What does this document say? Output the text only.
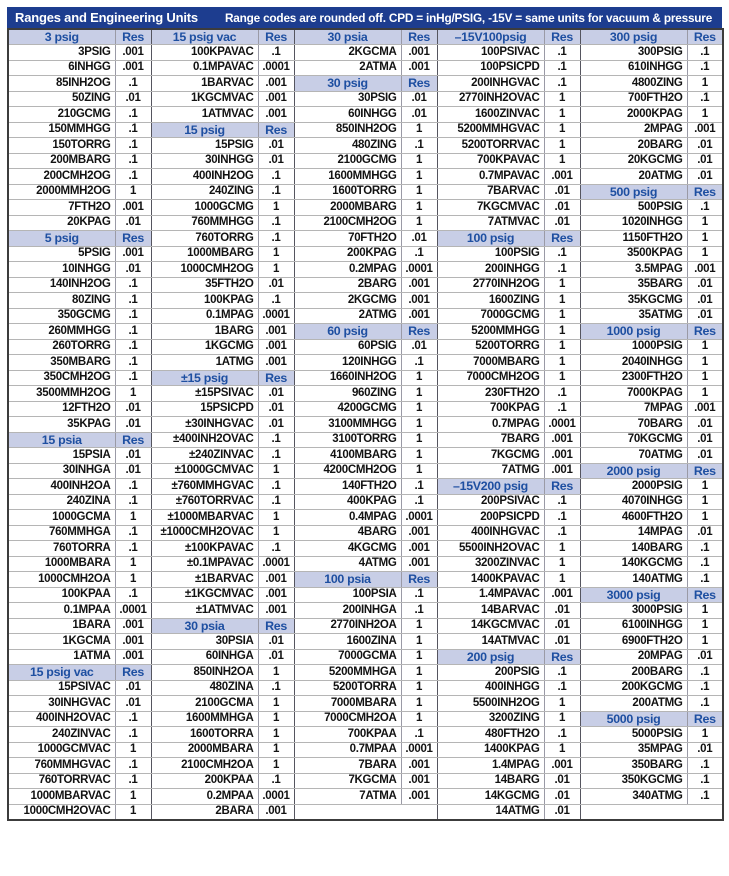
Ranges and Engineering Units Range codes are rounded off. CPD = inHg/PSIG, -15V = same units for vacuum & pressure
3 psig	Res	15 psig vac	Res	30 psia	Res	–15V100psig	Res	300 psig	Res
3PSIG	.001	100KPAVAC	.1	2KGCMA	.001	100PSIVAC	.1	300PSIG	.1
6INHGG	.001	0.1MPAVAC	.0001	2ATMA	.001	100PSICPD	.1	610INHGG	.1
85INH2OG	.1	1BARVAC	.001	30 psig	Res	200INHGVAC	.1	4800ZING	1
50ZING	.01	1KGCMVAC	.001	30PSIG	.01	2770INH2OVAC	1	700FTH2O	.1
210GCMG	.1	1ATMVAC	.001	60INHGG	.01	1600ZINVAC	1	2000KPAG	1
150MMHGG	.1	15 psig	Res	850INH2OG	1	5200MMHGVAC	1	2MPAG	.001
150TORRG	.1	15PSIG	.01	480ZING	.1	5200TORRVAC	1	20BARG	.01
200MBARG	.1	30INHGG	.01	2100GCMG	1	700KPAVAC	1	20KGCMG	.01
200CMH2OG	.1	400INH2OG	.1	1600MMHGG	1	0.7MPAVAC	.001	20ATMG	.01
2000MMH2OG	1	240ZING	.1	1600TORRG	1	7BARVAC	.01	500 psig	Res
7FTH2O	.001	1000GCMG	1	2000MBARG	1	7KGCMVAC	.01	500PSIG	.1
20KPAG	.01	760MMHGG	.1	2100CMH2OG	1	7ATMVAC	.01	1020INHGG	1
5 psig	Res	760TORRG	.1	70FTH2O	.01	100 psig	Res	1150FTH2O	1
5PSIG	.001	1000MBARG	1	200KPAG	.1	100PSIG	.1	3500KPAG	1
10INHGG	.01	1000CMH2OG	1	0.2MPAG	.0001	200INHGG	.1	3.5MPAG	.001
140INH2OG	.1	35FTH2O	.01	2BARG	.001	2770INH2OG	1	35BARG	.01
80ZING	.1	100KPAG	.1	2KGCMG	.001	1600ZING	1	35KGCMG	.01
350GCMG	.1	0.1MPAG	.0001	2ATMG	.001	7000GCMG	1	35ATMG	.01
260MMHGG	.1	1BARG	.001	60 psig	Res	5200MMHGG	1	1000 psig	Res
260TORRG	.1	1KGCMG	.001	60PSIG	.01	5200TORRG	1	1000PSIG	1
350MBARG	.1	1ATMG	.001	120INHGG	.1	7000MBARG	1	2040INHGG	1
350CMH2OG	.1	±15 psig	Res	1660INH2OG	1	7000CMH2OG	1	2300FTH2O	1
3500MMH2OG	1	±15PSIVAC	.01	960ZING	1	230FTH2O	.1	7000KPAG	1
12FTH2O	.01	15PSICPD	.01	4200GCMG	1	700KPAG	.1	7MPAG	.001
35KPAG	.01	±30INHGVAC	.01	3100MMHGG	1	0.7MPAG	.0001	70BARG	.01
15 psia	Res	±400INH2OVAC	.1	3100TORRG	1	7BARG	.001	70KGCMG	.01
15PSIA	.01	±240ZINVAC	.1	4100MBARG	1	7KGCMG	.001	70ATMG	.01
30INHGA	.01	±1000GCMVAC	1	4200CMH2OG	1	7ATMG	.001	2000 psig	Res
400INH2OA	.1	±760MMHGVAC	.1	140FTH2O	.1	–15V200 psig	Res	2000PSIG	1
240ZINA	.1	±760TORRVAC	.1	400KPAG	.1	200PSIVAC	.1	4070INHGG	1
1000GCMA	1	±1000MBARVAC	1	0.4MPAG	.0001	200PSICPD	.1	4600FTH2O	1
760MMHGA	.1	±1000CMH2OVAC	1	4BARG	.001	400INHGVAC	.1	14MPAG	.01
760TORRA	.1	±100KPAVAC	.1	4KGCMG	.001	5500INH2OVAC	1	140BARG	.1
1000MBARA	1	±0.1MPAVAC	.0001	4ATMG	.001	3200ZINVAC	1	140KGCMG	.1
1000CMH2OA	1	±1BARVAC	.001	100 psia	Res	1400KPAVAC	1	140ATMG	.1
100KPAA	.1	±1KGCMVAC	.001	100PSIA	.1	1.4MPAVAC	.001	3000 psig	Res
0.1MPAA	.0001	±1ATMVAC	.001	200INHGA	.1	14BARVAC	.01	3000PSIG	1
1BARA	.001	30 psia	Res	2770INH2OA	1	14KGCMVAC	.01	6100INHGG	1
1KGCMA	.001	30PSIA	.01	1600ZINA	1	14ATMVAC	.01	6900FTH2O	1
1ATMA	.001	60INHGA	.01	7000GCMA	1	200 psig	Res	20MPAG	.01
15 psig vac	Res	850INH2OA	1	5200MMHGA	1	200PSIG	.1	200BARG	.1
15PSIVAC	.01	480ZINA	.1	5200TORRA	1	400INHGG	.1	200KGCMG	.1
30INHGVAC	.01	2100GCMA	1	7000MBARA	1	5500INH2OG	1	200ATMG	.1
400INH2OVAC	.1	1600MMHGA	1	7000CMH2OA	1	3200ZING	1	5000 psig	Res
240ZINVAC	.1	1600TORRA	1	700KPAA	.1	480FTH2O	.1	5000PSIG	1
1000GCMVAC	1	2000MBARA	1	0.7MPAA	.0001	1400KPAG	1	35MPAG	.01
760MMHGVAC	.1	2100CMH2OA	1	7BARA	.001	1.4MPAG	.001	350BARG	.1
760TORRVAC	.1	200KPAA	.1	7KGCMA	.001	14BARG	.01	350KGCMG	.1
1000MBARVAC	1	0.2MPAA	.0001	7ATMA	.001	14KGCMG	.01	340ATMG	.1
1000CMH2OVAC	1	2BARA	.001			14ATMG	.01		
